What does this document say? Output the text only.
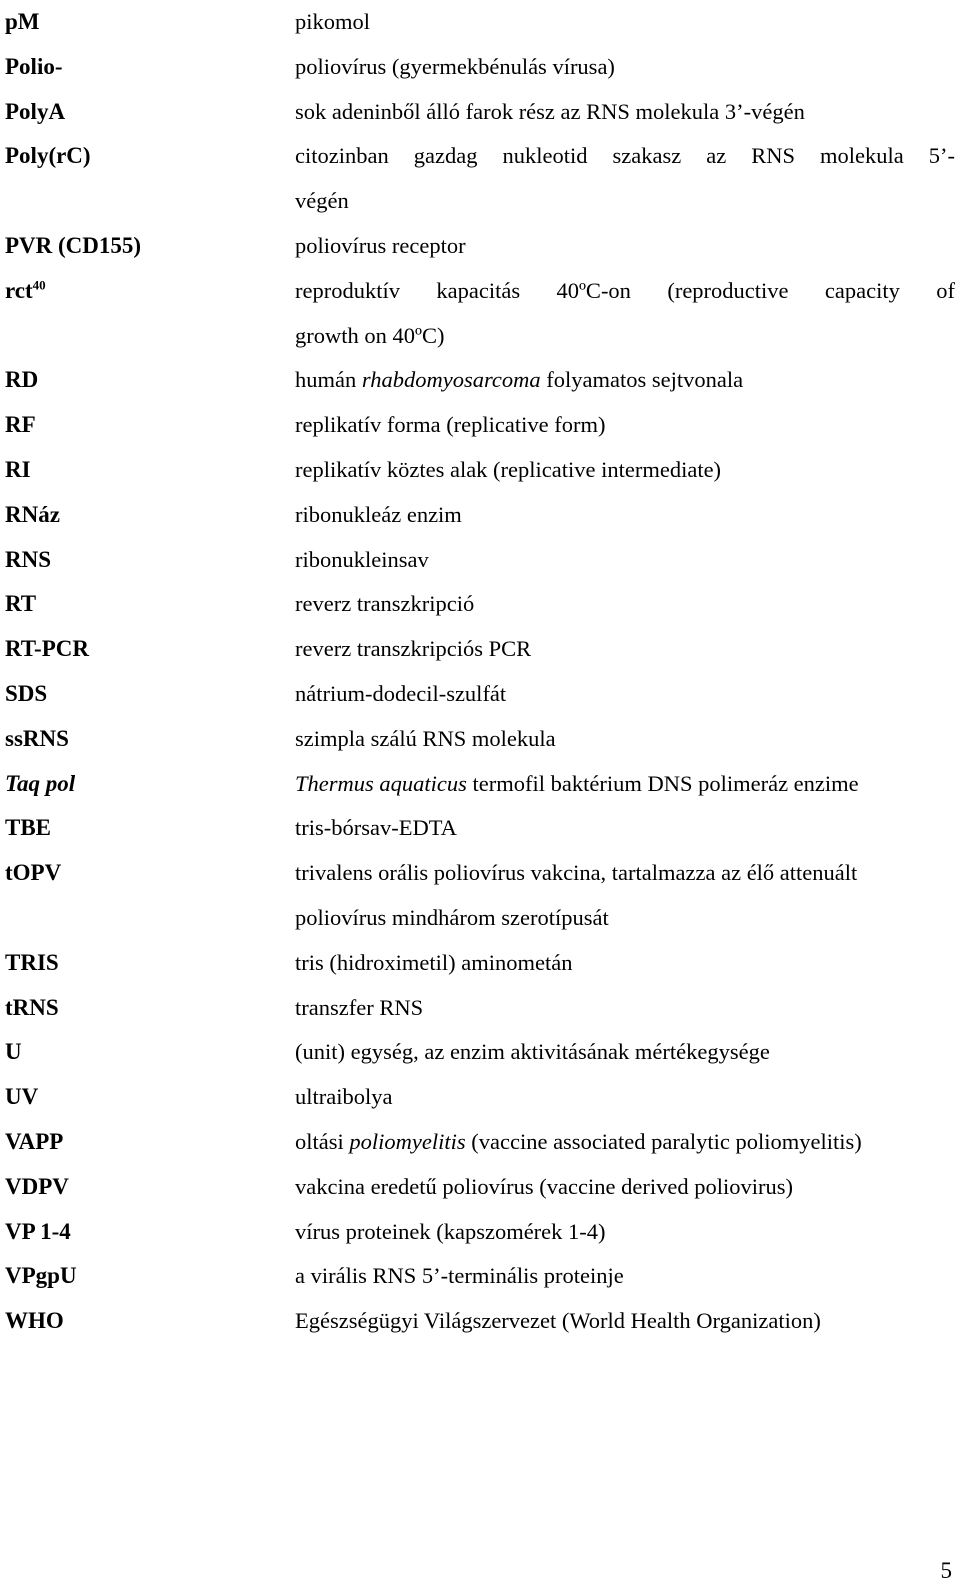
pM	pikomol
Polio-	poliovírus (gyermekbénulás vírusa)
PolyA	sok adeninből álló farok rész az RNS molekula 3’-végén
Poly(rC)	citozinban gazdag nukleotid szakasz az RNS molekula 5’-
végén
PVR (CD155)	poliovírus receptor
rct$^{40}$	reproduktív kapacitás 40ºC-on (reproductive capacity of
growth on 40ºC)
RD	humán rhabdomyosarcoma folyamatos sejtvonala
RF	replikatív forma (replicative form)
RI	replikatív köztes alak (replicative intermediate)
RNáz	ribonukleáz enzim
RNS	ribonukleinsav
RT	reverz transzkripció
RT-PCR	reverz transzkripciós PCR
SDS	nátrium-dodecil-szulfát
ssRNS	szimpla szálú RNS molekula
Taq pol	Thermus aquaticus termofil baktérium DNS polimeráz enzime
TBE	tris-bórsav-EDTA
tOPV	trivalens orális poliovírus vakcina, tartalmazza az élő attenuált
poliovírus mindhárom szerotípusát
TRIS	tris (hidroximetil) aminometán
tRNS	transzfer RNS
U	(unit) egység, az enzim aktivitásának mértékegysége
UV	ultraibolya
VAPP	oltási poliomyelitis (vaccine associated paralytic poliomyelitis)
VDPV	vakcina eredetű poliovírus (vaccine derived poliovirus)
VP 1-4	vírus proteinek (kapszomérek 1-4)
VPgpU	a virális RNS 5’-terminális proteinje
WHO	Egészségügyi Világszervezet (World Health Organization)
5
